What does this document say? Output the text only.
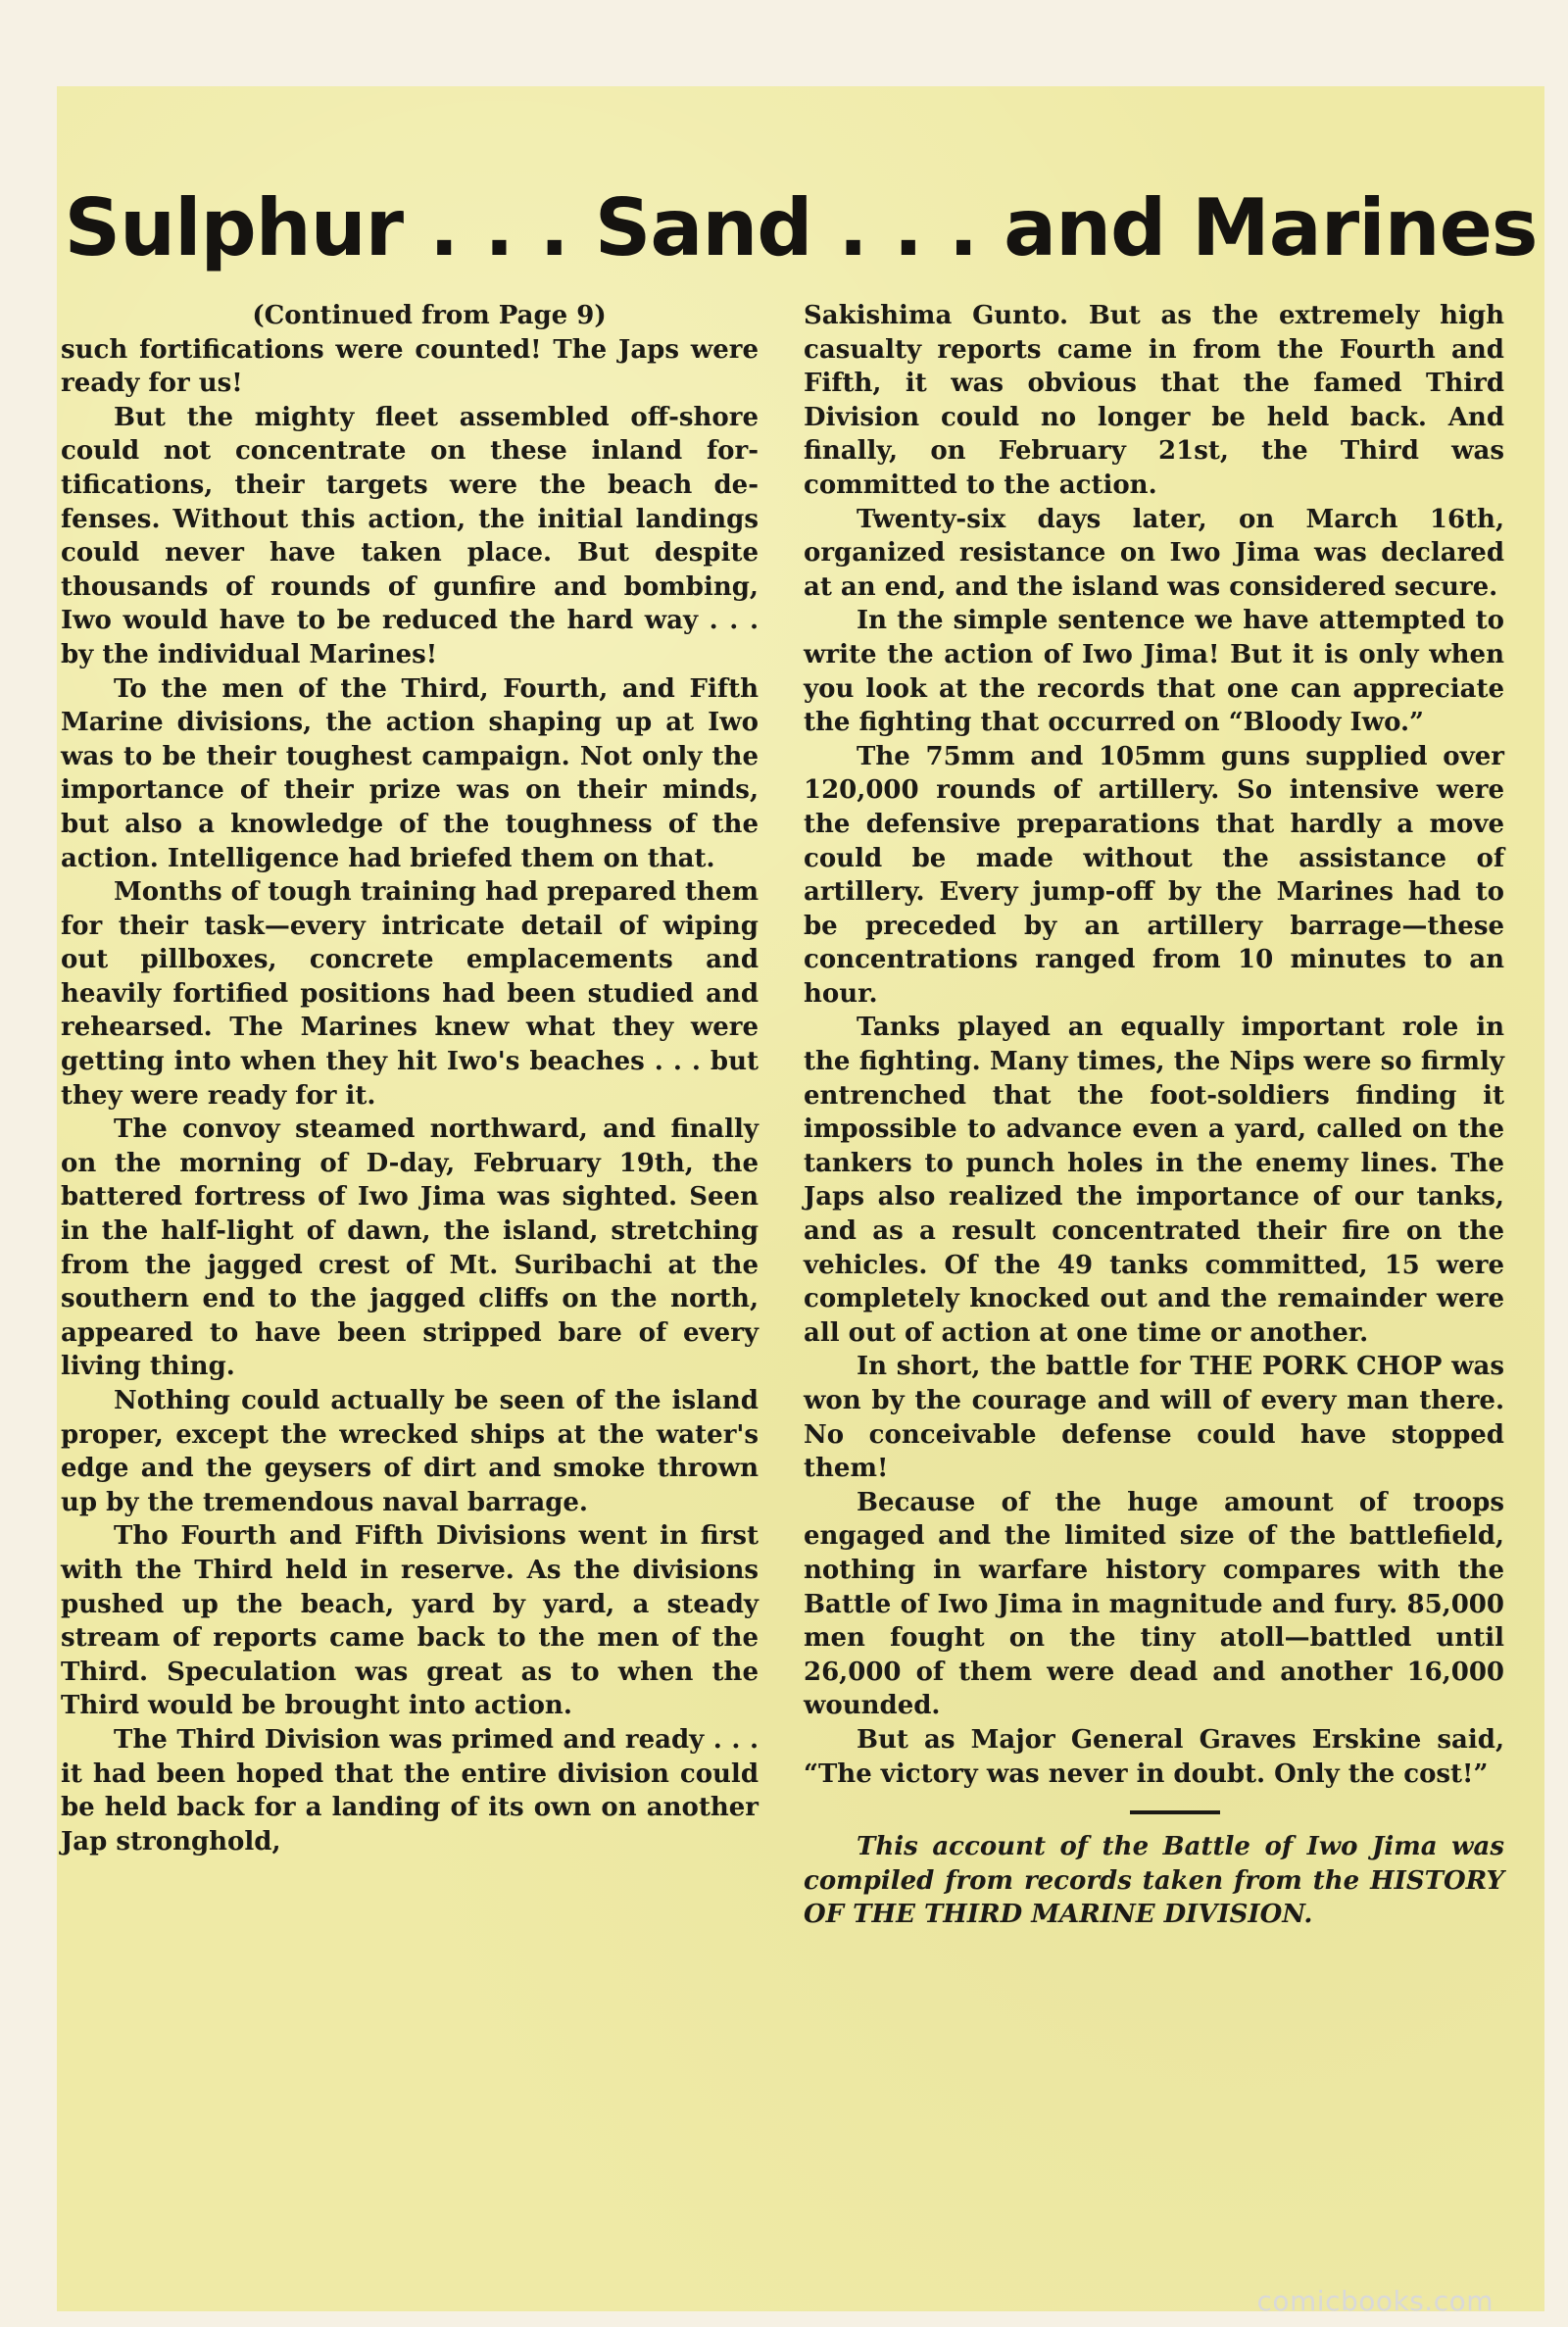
Sulphur . . . Sand . . . and Marines
(Continued from Page 9)

such fortifications were counted! The Japs were ready for us!

But the mighty fleet assembled off-shore could not concentrate on these inland fortifications, their targets were the beach defenses. Without this action, the initial landings could never have taken place. But despite thousands of rounds of gunfire and bombing, Iwo would have to be reduced the hard way . . . by the individual Marines!

To the men of the Third, Fourth, and Fifth Marine divisions, the action shaping up at Iwo was to be their toughest campaign. Not only the importance of their prize was on their minds, but also a knowledge of the toughness of the action. Intelligence had briefed them on that.

Months of tough training had prepared them for their task—every intricate detail of wiping out pillboxes, concrete emplacements and heavily fortified positions had been studied and rehearsed. The Marines knew what they were getting into when they hit Iwo's beaches . . . but they were ready for it.

The convoy steamed northward, and finally on the morning of D-day, February 19th, the battered fortress of Iwo Jima was sighted. Seen in the half-light of dawn, the island, stretching from the jagged crest of Mt. Suribachi at the southern end to the jagged cliffs on the north, appeared to have been stripped bare of every living thing.

Nothing could actually be seen of the island proper, except the wrecked ships at the water's edge and the geysers of dirt and smoke thrown up by the tremendous naval barrage.

Tho Fourth and Fifth Divisions went in first with the Third held in reserve. As the divisions pushed up the beach, yard by yard, a steady stream of reports came back to the men of the Third. Speculation was great as to when the Third would be brought into action.

The Third Division was primed and ready . . . it had been hoped that the entire division could be held back for a landing of its own on another Jap stronghold,

Sakishima Gunto. But as the extremely high casualty reports came in from the Fourth and Fifth, it was obvious that the famed Third Division could no longer be held back. And finally, on February 21st, the Third was committed to the action.

Twenty-six days later, on March 16th, organized resistance on Iwo Jima was declared at an end, and the island was considered secure.

In the simple sentence we have attempted to write the action of Iwo Jima! But it is only when you look at the records that one can appreciate the fighting that occurred on “Bloody Iwo.”

The 75mm and 105mm guns supplied over 120,000 rounds of artillery. So intensive were the defensive preparations that hardly a move could be made without the assistance of artillery. Every jump-off by the Marines had to be preceded by an artillery barrage—these concentrations ranged from 10 minutes to an hour.

Tanks played an equally important role in the fighting. Many times, the Nips were so firmly entrenched that the foot-soldiers finding it impossible to advance even a yard, called on the tankers to punch holes in the enemy lines. The Japs also realized the importance of our tanks, and as a result concentrated their fire on the vehicles. Of the 49 tanks committed, 15 were completely knocked out and the remainder were all out of action at one time or another.

In short, the battle for THE PORK CHOP was won by the courage and will of every man there. No conceivable defense could have stopped them!

Because of the huge amount of troops engaged and the limited size of the battlefield, nothing in warfare history compares with the Battle of Iwo Jima in magnitude and fury. 85,000 men fought on the tiny atoll—battled until 26,000 of them were dead and another 16,000 wounded.

But as Major General Graves Erskine said, “The victory was never in doubt. Only the cost!”

This account of the Battle of Iwo Jima was compiled from records taken from the HISTORY OF THE THIRD MARINE DIVISION.

comicbooks.com
